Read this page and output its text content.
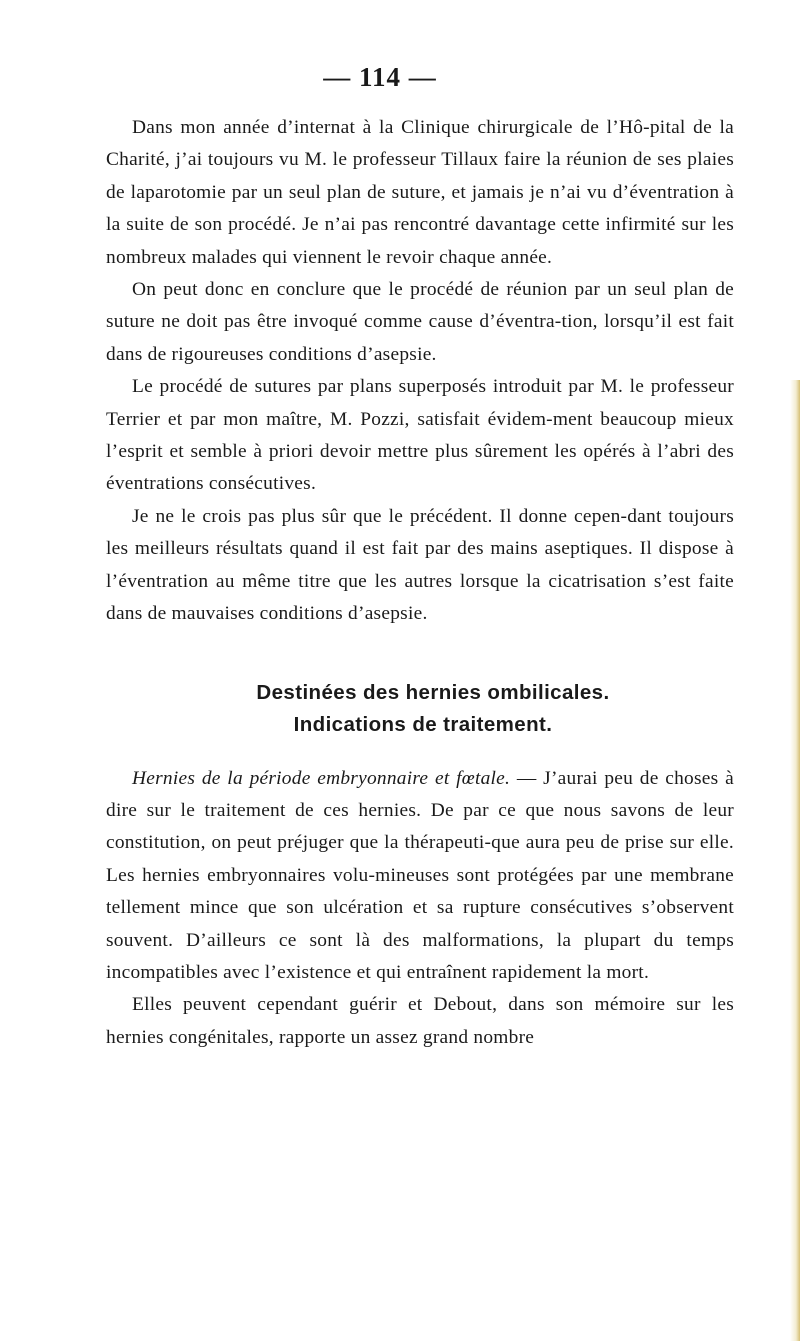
— 114 —

Dans mon année d’internat à la Clinique chirurgicale de l’Hô-pital de la Charité, j’ai toujours vu M. le professeur Tillaux faire la réunion de ses plaies de laparotomie par un seul plan de suture, et jamais je n’ai vu d’éventration à la suite de son procédé. Je n’ai pas rencontré davantage cette infirmité sur les nombreux malades qui viennent le revoir chaque année.

On peut donc en conclure que le procédé de réunion par un seul plan de suture ne doit pas être invoqué comme cause d’éventra-tion, lorsqu’il est fait dans de rigoureuses conditions d’asepsie.

Le procédé de sutures par plans superposés introduit par M. le professeur Terrier et par mon maître, M. Pozzi, satisfait évidem-ment beaucoup mieux l’esprit et semble à priori devoir mettre plus sûrement les opérés à l’abri des éventrations consécutives.

Je ne le crois pas plus sûr que le précédent. Il donne cepen-dant toujours les meilleurs résultats quand il est fait par des mains aseptiques. Il dispose à l’éventration au même titre que les autres lorsque la cicatrisation s’est faite dans de mauvaises conditions d’asepsie.

Destinées des hernies ombilicales.
Indications de traitement.

Hernies de la période embryonnaire et fœtale. — J’aurai peu de choses à dire sur le traitement de ces hernies. De par ce que nous savons de leur constitution, on peut préjuger que la thérapeuti-que aura peu de prise sur elle. Les hernies embryonnaires volu-mineuses sont protégées par une membrane tellement mince que son ulcération et sa rupture consécutives s’observent souvent. D’ailleurs ce sont là des malformations, la plupart du temps incompatibles avec l’existence et qui entraînent rapidement la mort.

Elles peuvent cependant guérir et Debout, dans son mémoire sur les hernies congénitales, rapporte un assez grand nombre
